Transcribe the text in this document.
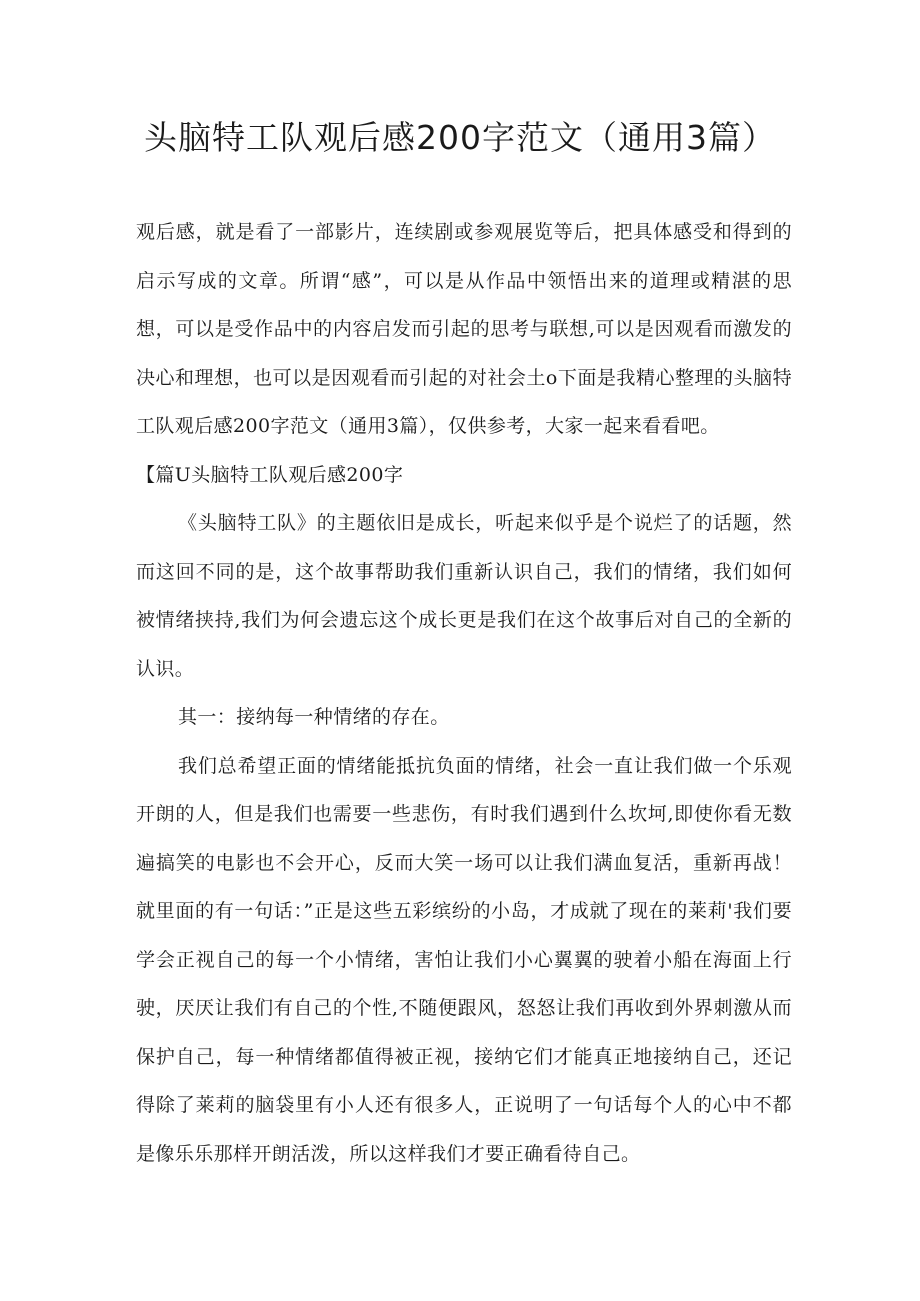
头脑特工队观后感200字范文（通用3篇）

观后感，就是看了一部影片，连续剧或参观展览等后，把具体感受和得到的启示写成的文章。所谓“感”，可以是从作品中领悟出来的道理或精湛的思想，可以是受作品中的内容启发而引起的思考与联想,可以是因观看而激发的决心和理想，也可以是因观看而引起的对社会土o下面是我精心整理的头脑特工队观后感200字范文（通用3篇），仅供参考，大家一起来看看吧。

【篇U头脑特工队观后感200字

《头脑特工队》的主题依旧是成长，听起来似乎是个说烂了的话题，然而这回不同的是，这个故事帮助我们重新认识自己，我们的情绪，我们如何被情绪挟持,我们为何会遗忘这个成长更是我们在这个故事后对自己的全新的认识。

其一：接纳每一种情绪的存在。

我们总希望正面的情绪能抵抗负面的情绪，社会一直让我们做一个乐观开朗的人，但是我们也需要一些悲伤，有时我们遇到什么坎坷,即使你看无数遍搞笑的电影也不会开心，反而大笑一场可以让我们满血复活，重新再战！就里面的有一句话：”正是这些五彩缤纷的小岛，才成就了现在的莱莉'我们要学会正视自己的每一个小情绪，害怕让我们小心翼翼的驶着小船在海面上行驶，厌厌让我们有自己的个性,不随便跟风，怒怒让我们再收到外界刺激从而保护自己，每一种情绪都值得被正视，接纳它们才能真正地接纳自己，还记得除了莱莉的脑袋里有小人还有很多人，正说明了一句话每个人的心中不都是像乐乐那样开朗活泼，所以这样我们才要正确看待自己。
